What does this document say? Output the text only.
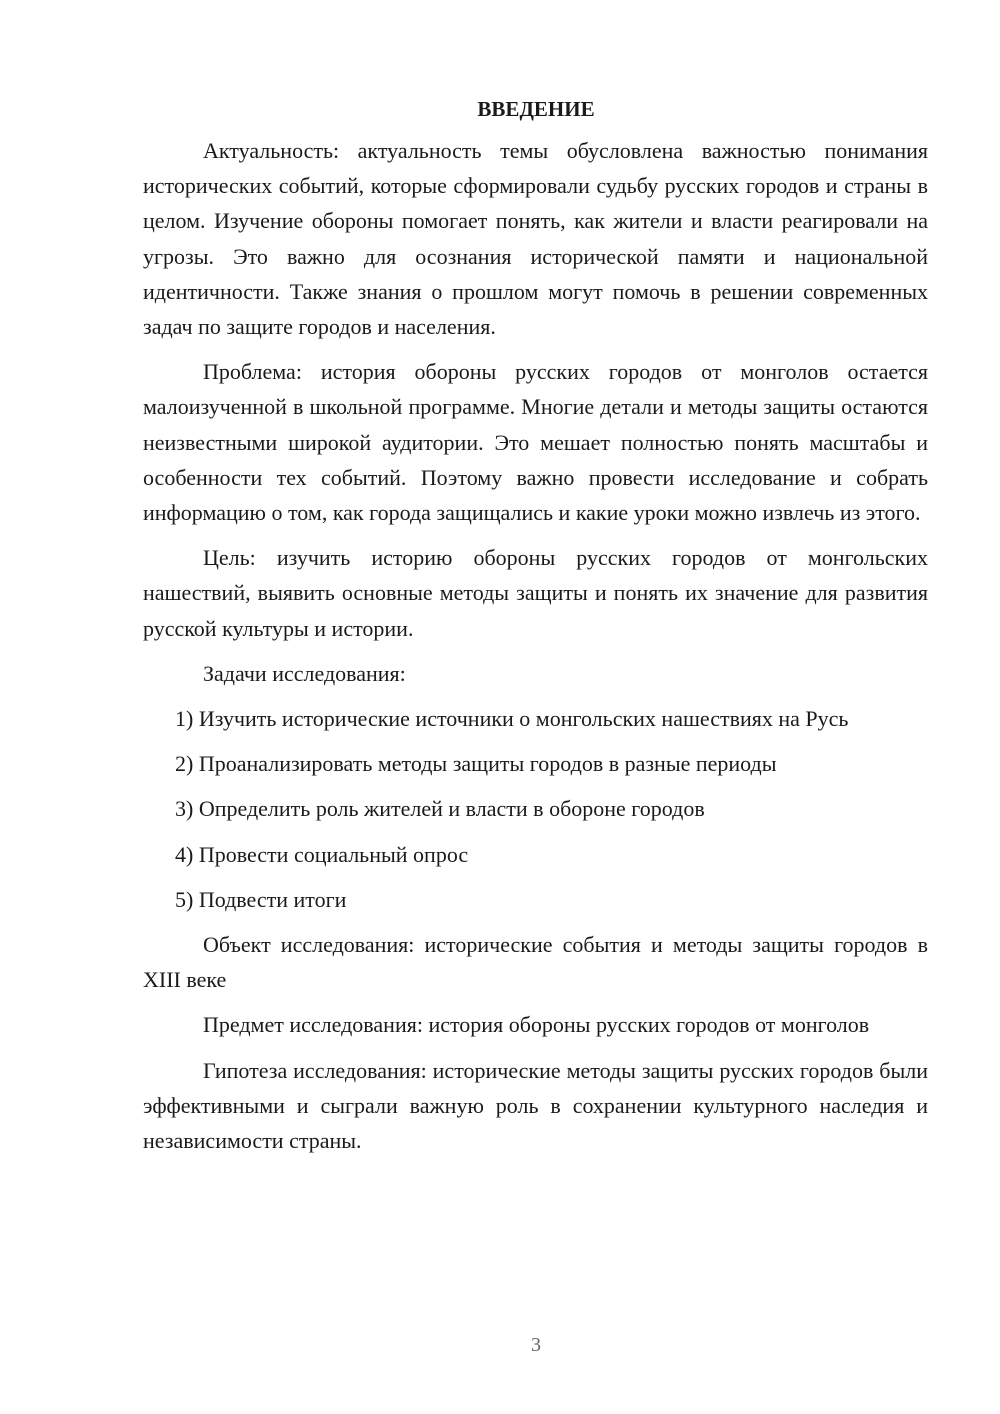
ВВЕДЕНИЕ

Актуальность: актуальность темы обусловлена важностью понимания исторических событий, которые сформировали судьбу русских городов и страны в целом. Изучение обороны помогает понять, как жители и власти реагировали на угрозы. Это важно для осознания исторической памяти и национальной идентичности. Также знания о прошлом могут помочь в решении современных задач по защите городов и населения.

Проблема: история обороны русских городов от монголов остается малоизученной в школьной программе. Многие детали и методы защиты остаются неизвестными широкой аудитории. Это мешает полностью понять масштабы и особенности тех событий. Поэтому важно провести исследование и собрать информацию о том, как города защищались и какие уроки можно извлечь из этого.

Цель: изучить историю обороны русских городов от монгольских нашествий, выявить основные методы защиты и понять их значение для развития русской культуры и истории.

Задачи исследования:

1) Изучить исторические источники о монгольских нашествиях на Русь

2) Проанализировать методы защиты городов в разные периоды

3) Определить роль жителей и власти в обороне городов

4) Провести социальный опрос

5) Подвести итоги

Объект исследования: исторические события и методы защиты городов в XIII веке

Предмет исследования: история обороны русских городов от монголов

Гипотеза исследования: исторические методы защиты русских городов были эффективными и сыграли важную роль в сохранении культурного наследия и независимости страны.

3
